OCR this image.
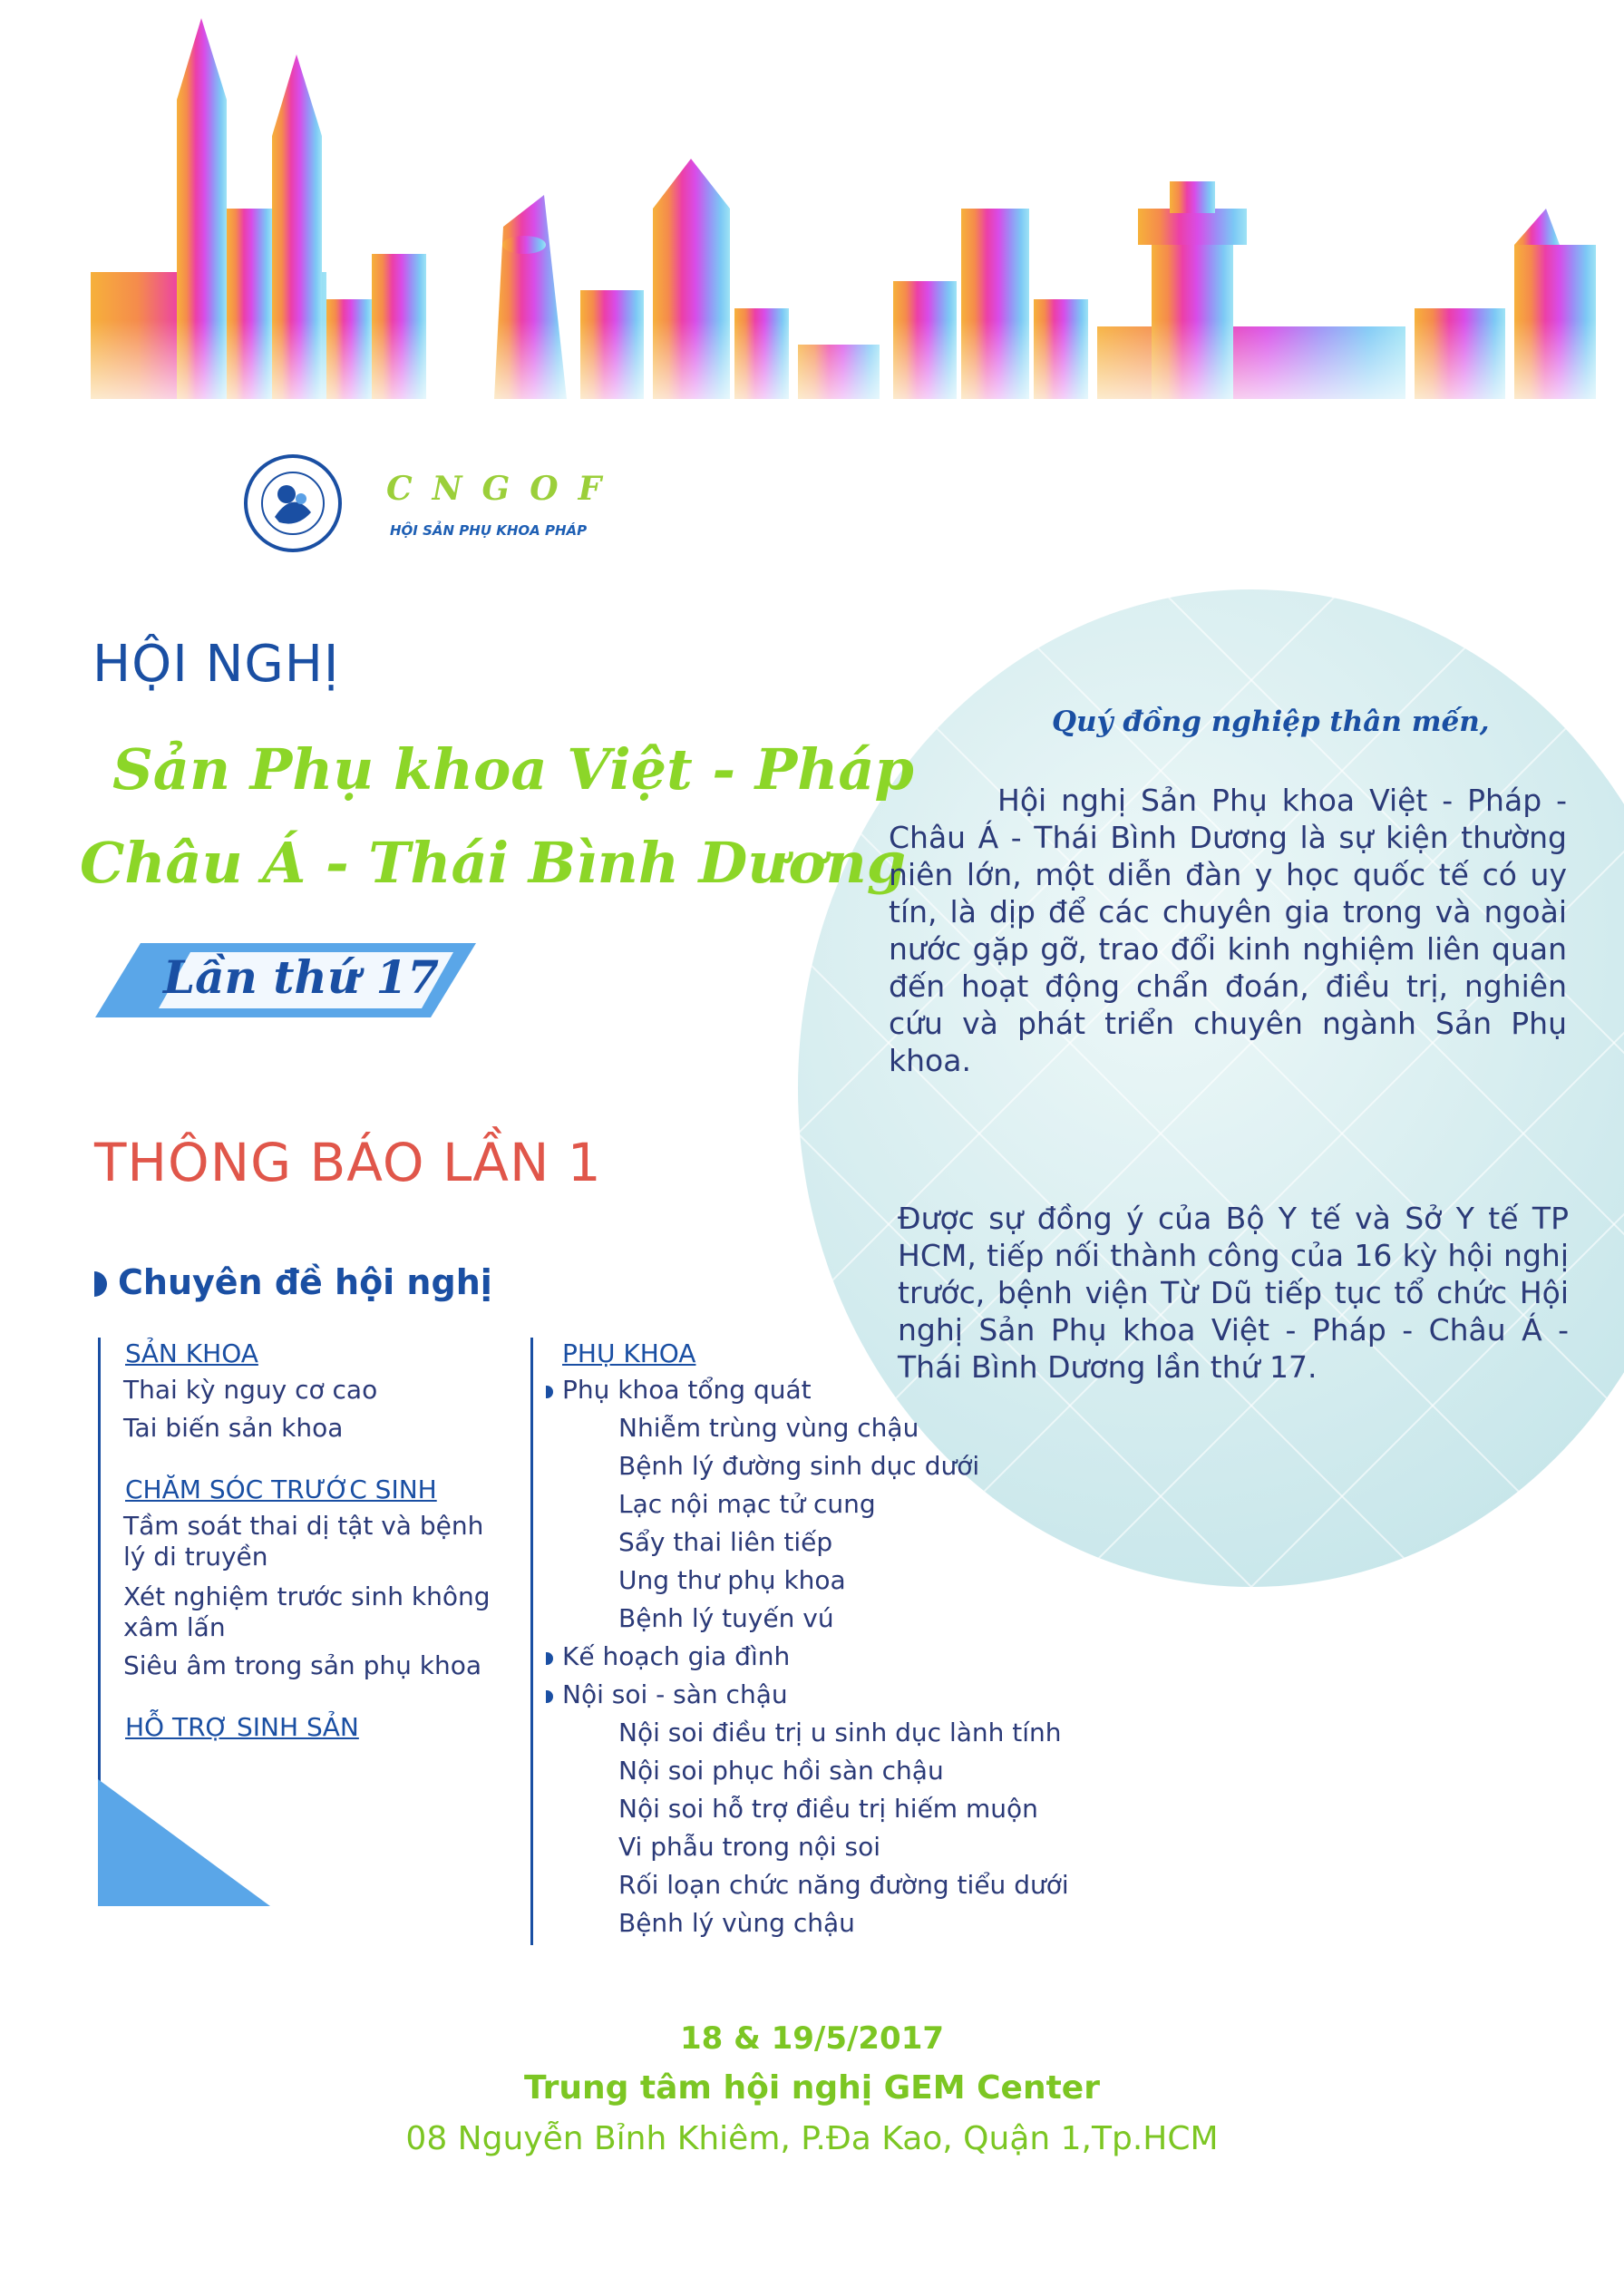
CNGOF
HỘI SẢN PHỤ KHOA PHÁP
HỘI NGHỊ
Sản Phụ khoa Việt - Pháp
Châu Á - Thái Bình Dương
Lần thứ 17
THÔNG BÁO LẦN 1
Chuyên đề hội nghị
Quý đồng nghiệp thân mến,
Hội nghị Sản Phụ khoa Việt - Pháp - Châu Á - Thái Bình Dương là sự kiện thường niên lớn, một diễn đàn y học quốc tế có uy tín, là dịp để các chuyên gia trong và ngoài nước gặp gỡ, trao đổi kinh nghiệm liên quan đến hoạt động chẩn đoán, điều trị, nghiên cứu và phát triển chuyên ngành Sản Phụ khoa.
Được sự đồng ý của Bộ Y tế và Sở Y tế TP HCM, tiếp nối thành công của 16 kỳ hội nghị trước, bệnh viện Từ Dũ tiếp tục tổ chức Hội nghị Sản Phụ khoa Việt - Pháp - Châu Á - Thái Bình Dương lần thứ 17.
SẢN KHOA
Thai kỳ nguy cơ cao
Tai biến sản khoa
CHĂM SÓC TRƯỚC SINH
Tầm soát thai dị tật và bệnh lý di truyền
Xét nghiệm trước sinh không xâm lấn
Siêu âm trong sản phụ khoa
HỖ TRỢ SINH SẢN
PHỤ KHOA
Phụ khoa tổng quát
Nhiễm trùng vùng chậu
Bệnh lý đường sinh dục dưới
Lạc nội mạc tử cung
Sẩy thai liên tiếp
Ung thư phụ khoa
Bệnh lý tuyến vú
Kế hoạch gia đình
Nội soi - sàn chậu
Nội soi điều trị u sinh dục lành tính
Nội soi phục hồi sàn chậu
Nội soi hỗ trợ điều trị hiếm muộn
Vi phẫu trong nội soi
Rối loạn chức năng đường tiểu dưới
Bệnh lý vùng chậu
18 & 19/5/2017
Trung tâm hội nghị GEM Center
08 Nguyễn Bỉnh Khiêm, P.Đa Kao, Quận 1,Tp.HCM
